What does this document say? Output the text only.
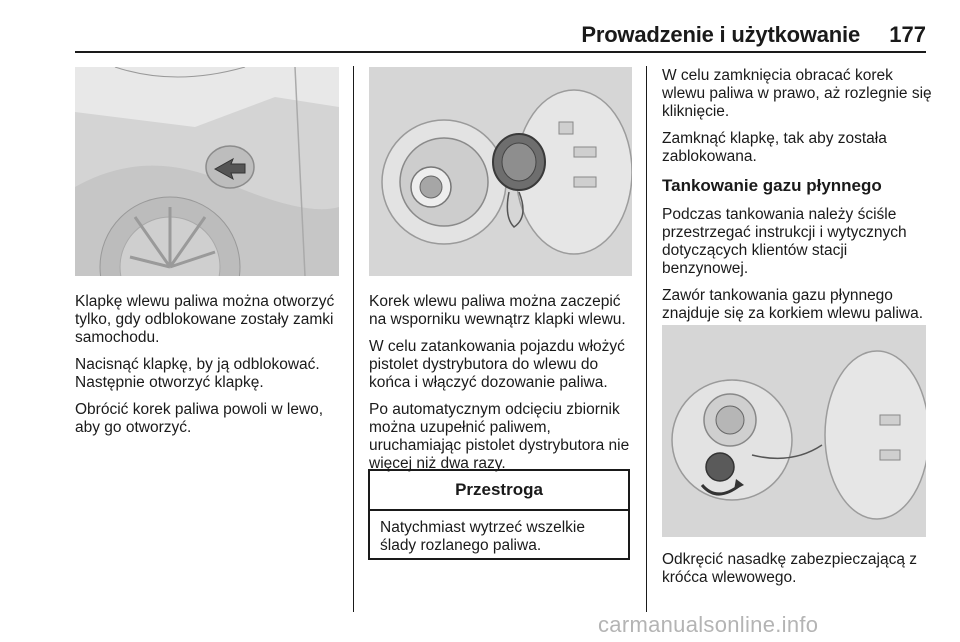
Prowadzenie i użytkowanie	177

Klapkę wlewu paliwa można otworzyć tylko, gdy odblokowane zostały zamki samochodu.

Nacisnąć klapkę, by ją odblokować. Następnie otworzyć klapkę.

Obrócić korek paliwa powoli w lewo, aby go otworzyć.

Korek wlewu paliwa można zaczepić na wsporniku wewnątrz klapki wlewu.

W celu zatankowania pojazdu włożyć pistolet dystrybutora do wlewu do końca i włączyć dozowanie paliwa.

Po automatycznym odcięciu zbiornik można uzupełnić paliwem, uruchamiając pistolet dystrybutora nie więcej niż dwa razy.

Przestroga
Natychmiast wytrzeć wszelkie ślady rozlanego paliwa.

W celu zamknięcia obracać korek wlewu paliwa w prawo, aż rozlegnie się kliknięcie.

Zamknąć klapkę, tak aby została zablokowana.

Tankowanie gazu płynnego

Podczas tankowania należy ściśle przestrzegać instrukcji i wytycznych dotyczących klientów stacji benzynowej.

Zawór tankowania gazu płynnego znajduje się za korkiem wlewu paliwa.

Odkręcić nasadkę zabezpieczającą z króćca wlewowego.

carmanualsonline.info
